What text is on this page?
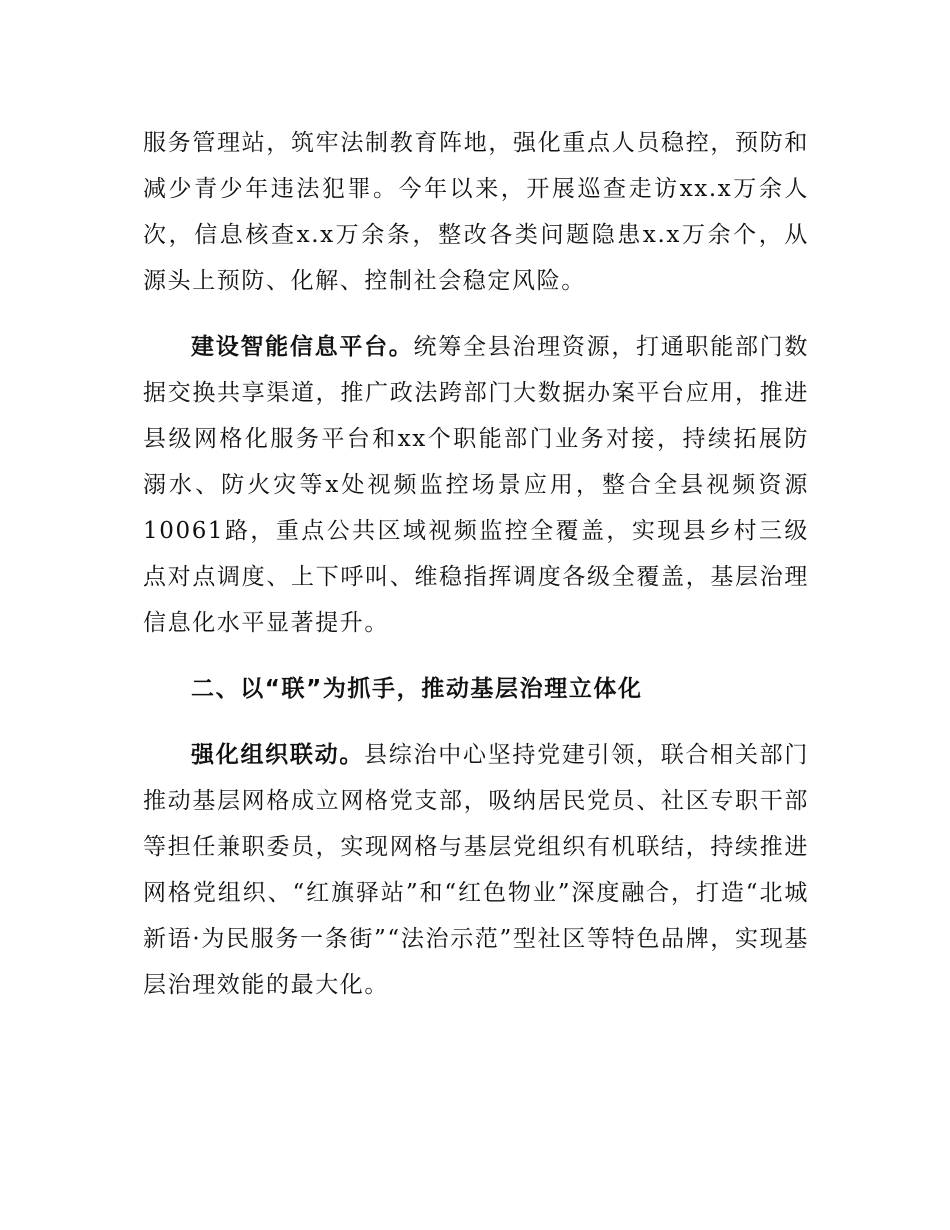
服务管理站，筑牢法制教育阵地，强化重点人员稳控，预防和减少青少年违法犯罪。今年以来，开展巡查走访xx.x万余人次，信息核查x.x万余条，整改各类问题隐患x.x万余个，从源头上预防、化解、控制社会稳定风险。

建设智能信息平台。统筹全县治理资源，打通职能部门数据交换共享渠道，推广政法跨部门大数据办案平台应用，推进县级网格化服务平台和xx个职能部门业务对接，持续拓展防溺水、防火灾等x处视频监控场景应用，整合全县视频资源10061路，重点公共区域视频监控全覆盖，实现县乡村三级点对点调度、上下呼叫、维稳指挥调度各级全覆盖，基层治理信息化水平显著提升。

二、以“联”为抓手，推动基层治理立体化

强化组织联动。县综治中心坚持党建引领，联合相关部门推动基层网格成立网格党支部，吸纳居民党员、社区专职干部等担任兼职委员，实现网格与基层党组织有机联结，持续推进网格党组织、“红旗驿站”和“红色物业”深度融合，打造“北城新语·为民服务一条街”“法治示范”型社区等特色品牌，实现基层治理效能的最大化。
